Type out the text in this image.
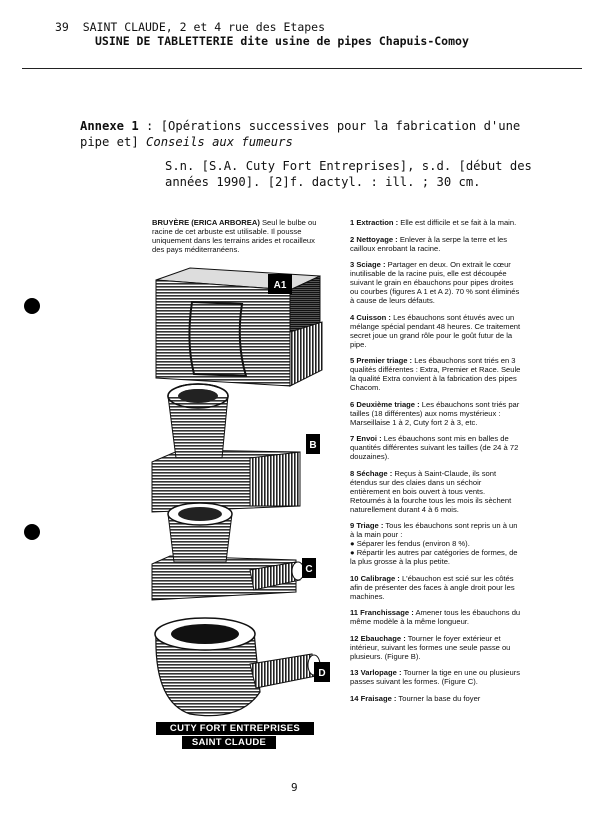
39  SAINT CLAUDE, 2 et 4 rue des Etapes
USINE DE TABLETTERIE dite usine de pipes Chapuis-Comoy
Annexe 1 : [Opérations successives pour la fabrication d'une pipe et] Conseils aux fumeurs
S.n. [S.A. Cuty Fort Entreprises], s.d. [début des années 1990]. [2]f. dactyl. : ill. ; 30 cm.
BRUYÈRE (ERICA ARBOREA) Seul le bulbe ou racine de cet arbuste est utilisable. Il pousse uniquement dans les terrains arides et rocailleux des pays méditerranéens.
A1
B
C
D
CUTY FORT ENTREPRISES
SAINT CLAUDE

1 Extraction : Elle est difficile et se fait à la main.

2 Nettoyage : Enlever à la serpe la terre et les cailloux enrobant la racine.

3 Sciage : Partager en deux. On extrait le cœur inutilisable de la racine puis, elle est découpée suivant le grain en ébauchons pour pipes droites ou courbes (figures A 1 et A 2). 70 % sont éliminés à cause de leurs défauts.

4 Cuisson : Les ébauchons sont étuvés avec un mélange spécial pendant 48 heures. Ce traitement secret joue un grand rôle pour le goût futur de la pipe.

5 Premier triage : Les ébauchons sont triés en 3 qualités différentes : Extra, Premier et Race. Seule la qualité Extra convient à la fabrication des pipes Chacom.

6 Deuxième triage : Les ébauchons sont triés par tailles (18 différentes) aux noms mystérieux : Marseillaise 1 à 2, Cuty fort 2 à 3, etc.

7 Envoi : Les ébauchons sont mis en balles de quantités différentes suivant les tailles (de 24 à 72 douzaines).

8 Séchage : Reçus à Saint-Claude, ils sont étendus sur des claies dans un séchoir entièrement en bois ouvert à tous vents. Retournés à la fourche tous les mois ils sèchent naturellement durant 4 à 6 mois.

9 Triage : Tous les ébauchons sont repris un à un à la main pour :
● Séparer les fendus (environ 8 %).
● Répartir les autres par catégories de formes, de la plus grosse à la plus petite.

10 Calibrage : L'ébauchon est scié sur les côtés afin de présenter des faces à angle droit pour les machines.

11 Franchissage : Amener tous les ébauchons du même modèle à la même longueur.

12 Ebauchage : Tourner le foyer extérieur et intérieur, suivant les formes une seule passe ou plusieurs. (Figure B).

13 Varlopage : Tourner la tige en une ou plusieurs passes suivant les formes. (Figure C).

14 Fraisage : Tourner la base du foyer

9
